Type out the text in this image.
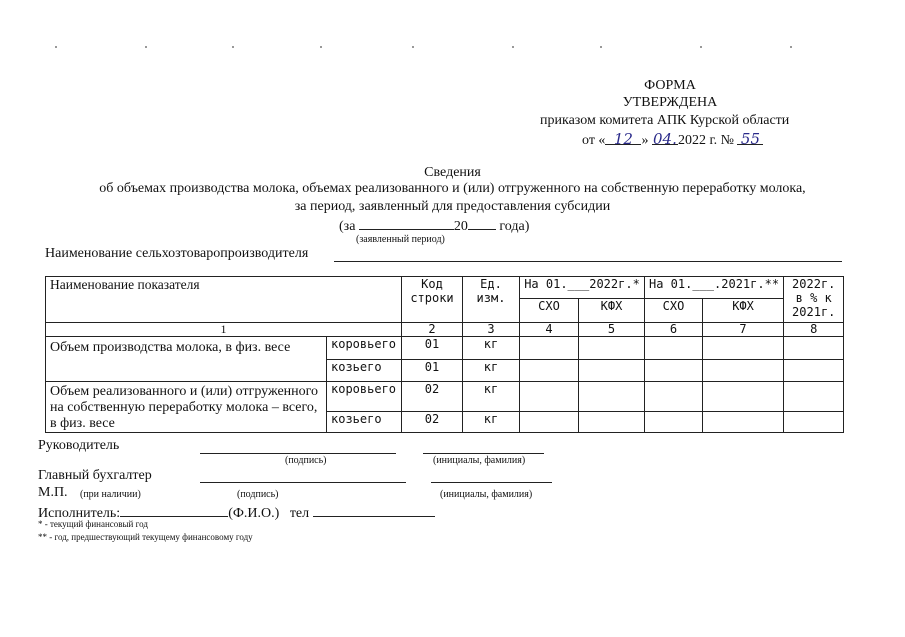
ФОРМА
УТВЕРЖДЕНА
приказом комитета АПК Курской области
от « 12 » 04.2022 г. № 55
Сведения
об объемах производства молока, объемах реализованного и (или) отгруженного на собственную переработку молока,
за период, заявленный для предоставления субсидии
(за	20 года)
(заявленный период)
Наименование сельхозтоваропроизводителя
Наименование показателя		Код строки	Ед. изм.	На 01.___2022г.*		На 01.___.2021г.**		2022г. в % к 2021г.
				СХО	КФХ	СХО	КФХ	
1		2	3	4	5	6	7	8
Объем производства молока, в физ. весе	коровьего	01	кг					
	козьего	01	кг					
Объем реализованного и (или) отгруженного на собственную переработку молока – всего, в физ. весе	коровьего	02	кг					
	козьего	02	кг					
Руководитель
(подпись)	(инициалы, фамилия)
Главный бухгалтер
М.П. (при наличии)	(подпись)	(инициалы, фамилия)
Исполнитель:	(Ф.И.О.) тел
* - текущий финансовый год
** - год, предшествующий текущему финансовому году
